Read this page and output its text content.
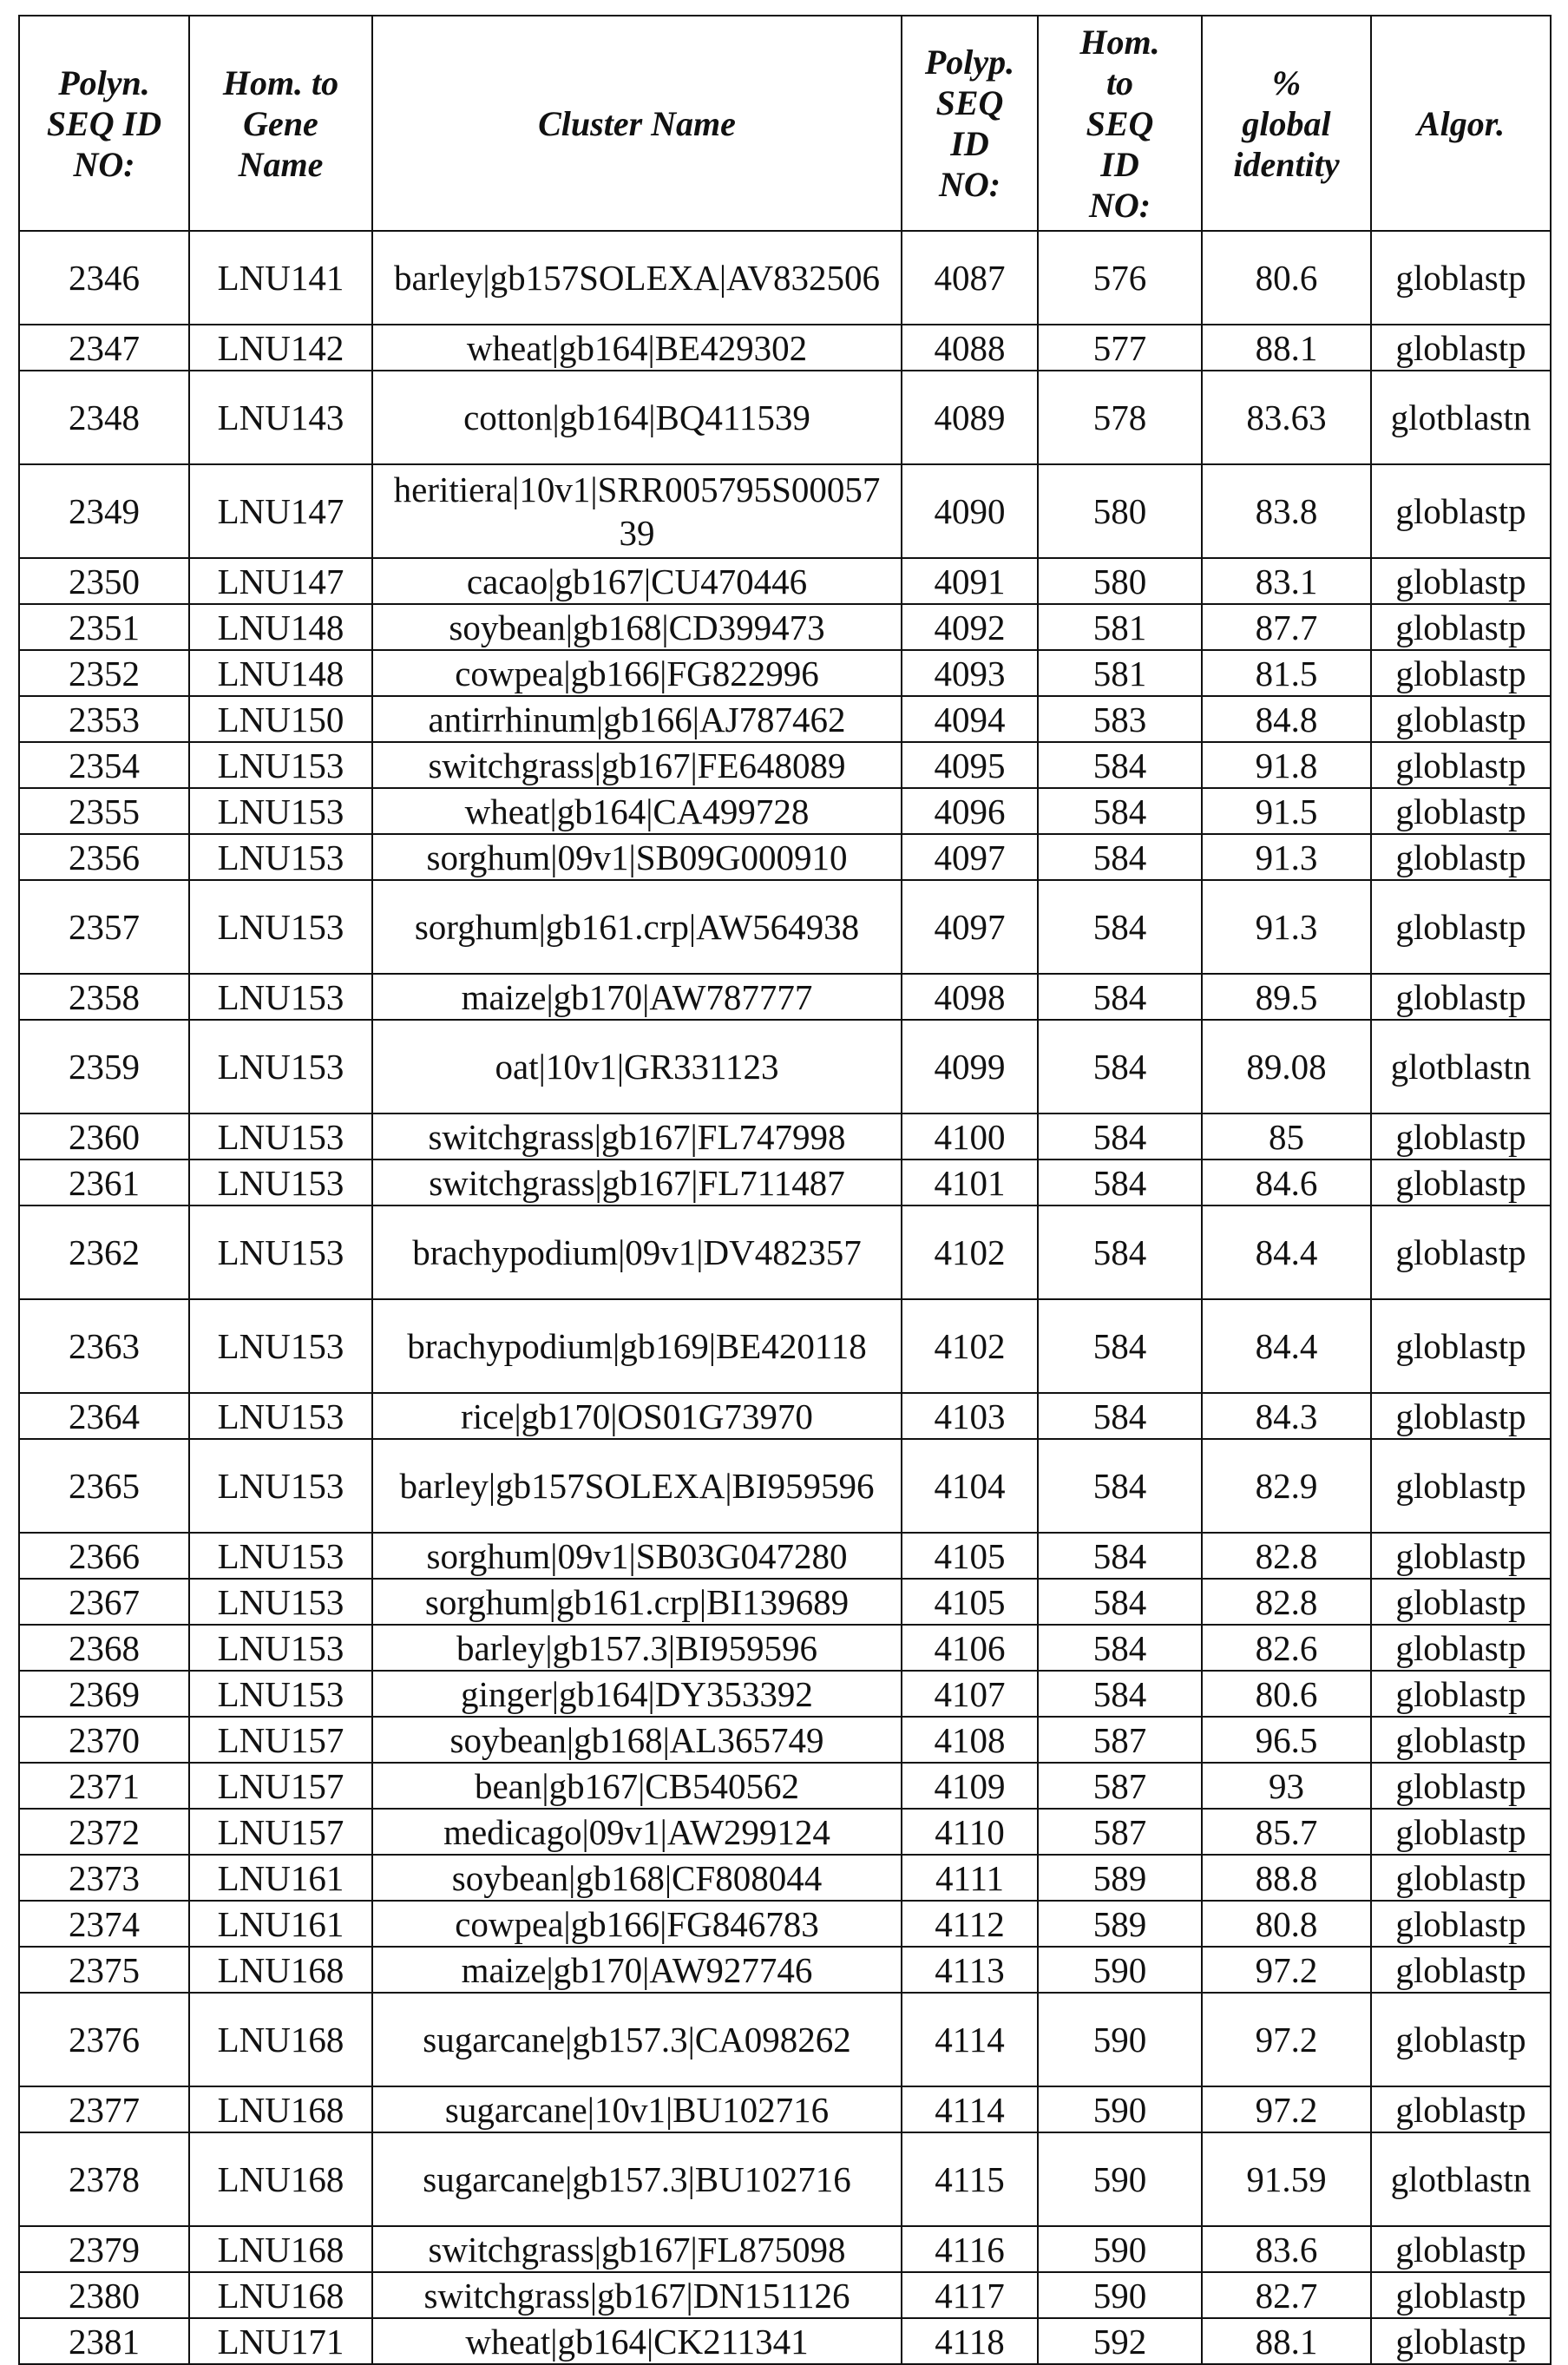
Polyn.
SEQ ID
NO:	Hom. to
Gene
Name	Cluster Name	Polyp.
SEQ
ID
NO:	Hom.
to
SEQ
ID
NO:	%
global
identity	Algor.
2346	LNU141	barley|gb157SOLEXA|AV832506	4087	576	80.6	globlastp
2347	LNU142	wheat|gb164|BE429302	4088	577	88.1	globlastp
2348	LNU143	cotton|gb164|BQ411539	4089	578	83.63	glotblastn
2349	LNU147	heritiera|10v1|SRR005795S0005739	4090	580	83.8	globlastp
2350	LNU147	cacao|gb167|CU470446	4091	580	83.1	globlastp
2351	LNU148	soybean|gb168|CD399473	4092	581	87.7	globlastp
2352	LNU148	cowpea|gb166|FG822996	4093	581	81.5	globlastp
2353	LNU150	antirrhinum|gb166|AJ787462	4094	583	84.8	globlastp
2354	LNU153	switchgrass|gb167|FE648089	4095	584	91.8	globlastp
2355	LNU153	wheat|gb164|CA499728	4096	584	91.5	globlastp
2356	LNU153	sorghum|09v1|SB09G000910	4097	584	91.3	globlastp
2357	LNU153	sorghum|gb161.crp|AW564938	4097	584	91.3	globlastp
2358	LNU153	maize|gb170|AW787777	4098	584	89.5	globlastp
2359	LNU153	oat|10v1|GR331123	4099	584	89.08	glotblastn
2360	LNU153	switchgrass|gb167|FL747998	4100	584	85	globlastp
2361	LNU153	switchgrass|gb167|FL711487	4101	584	84.6	globlastp
2362	LNU153	brachypodium|09v1|DV482357	4102	584	84.4	globlastp
2363	LNU153	brachypodium|gb169|BE420118	4102	584	84.4	globlastp
2364	LNU153	rice|gb170|OS01G73970	4103	584	84.3	globlastp
2365	LNU153	barley|gb157SOLEXA|BI959596	4104	584	82.9	globlastp
2366	LNU153	sorghum|09v1|SB03G047280	4105	584	82.8	globlastp
2367	LNU153	sorghum|gb161.crp|BI139689	4105	584	82.8	globlastp
2368	LNU153	barley|gb157.3|BI959596	4106	584	82.6	globlastp
2369	LNU153	ginger|gb164|DY353392	4107	584	80.6	globlastp
2370	LNU157	soybean|gb168|AL365749	4108	587	96.5	globlastp
2371	LNU157	bean|gb167|CB540562	4109	587	93	globlastp
2372	LNU157	medicago|09v1|AW299124	4110	587	85.7	globlastp
2373	LNU161	soybean|gb168|CF808044	4111	589	88.8	globlastp
2374	LNU161	cowpea|gb166|FG846783	4112	589	80.8	globlastp
2375	LNU168	maize|gb170|AW927746	4113	590	97.2	globlastp
2376	LNU168	sugarcane|gb157.3|CA098262	4114	590	97.2	globlastp
2377	LNU168	sugarcane|10v1|BU102716	4114	590	97.2	globlastp
2378	LNU168	sugarcane|gb157.3|BU102716	4115	590	91.59	glotblastn
2379	LNU168	switchgrass|gb167|FL875098	4116	590	83.6	globlastp
2380	LNU168	switchgrass|gb167|DN151126	4117	590	82.7	globlastp
2381	LNU171	wheat|gb164|CK211341	4118	592	88.1	globlastp
